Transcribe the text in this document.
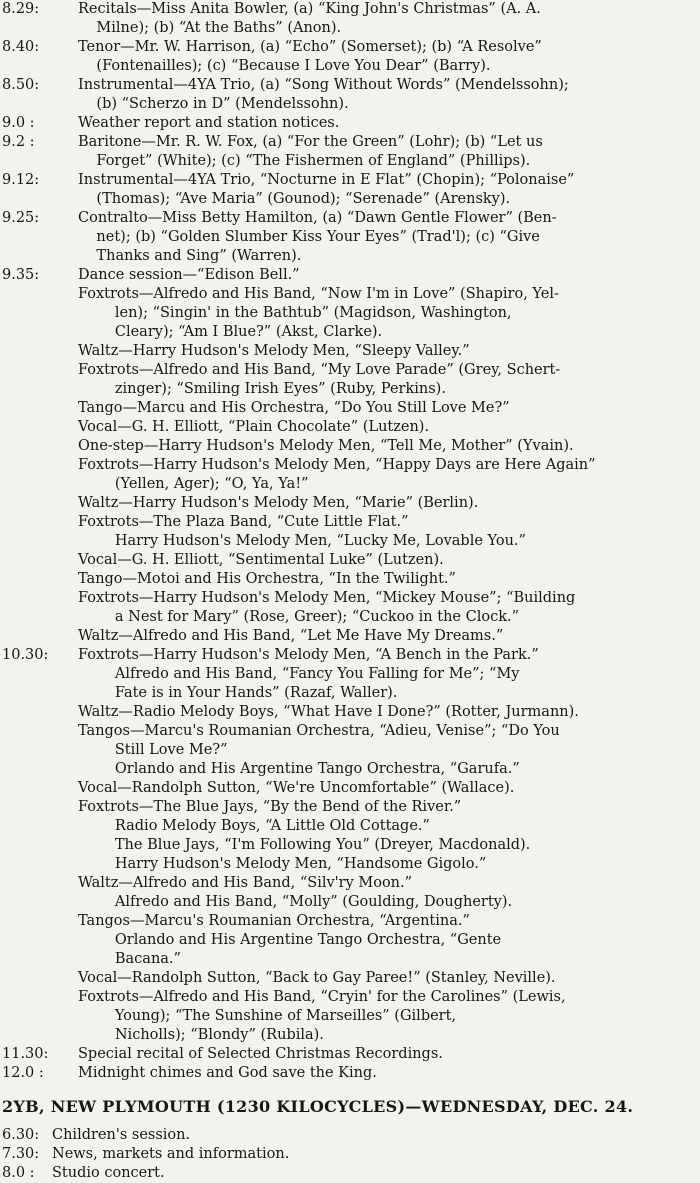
8.29:	Recitals—Miss Anita Bowler, (a) “King John's Christmas” (A. A.
Milne); (b) “At the Baths” (Anon).
8.40:	Tenor—Mr. W. Harrison, (a) “Echo” (Somerset); (b) “A Resolve”
(Fontenailles); (c) “Because I Love You Dear” (Barry).
8.50:	Instrumental—4YA Trio, (a) “Song Without Words” (Mendelssohn);
(b) “Scherzo in D” (Mendelssohn).
9.0 :	Weather report and station notices.
9.2 :	Baritone—Mr. R. W. Fox, (a) “For the Green” (Lohr); (b) “Let us
Forget” (White); (c) “The Fishermen of England” (Phillips).
9.12:	Instrumental—4YA Trio, “Nocturne in E Flat” (Chopin); “Polonaise”
(Thomas); “Ave Maria” (Gounod); “Serenade” (Arensky).
9.25:	Contralto—Miss Betty Hamilton, (a) “Dawn Gentle Flower” (Ben-
net); (b) “Golden Slumber Kiss Your Eyes” (Trad'l); (c) “Give
Thanks and Sing” (Warren).
9.35:	Dance session—“Edison Bell.”
Foxtrots—Alfredo and His Band, “Now I'm in Love” (Shapiro, Yel-
len); “Singin' in the Bathtub” (Magidson, Washington,
Cleary); “Am I Blue?” (Akst, Clarke).
Waltz—Harry Hudson's Melody Men, “Sleepy Valley.”
Foxtrots—Alfredo and His Band, “My Love Parade” (Grey, Schert-
zinger); “Smiling Irish Eyes” (Ruby, Perkins).
Tango—Marcu and His Orchestra, “Do You Still Love Me?”
Vocal—G. H. Elliott, “Plain Chocolate” (Lutzen).
One-step—Harry Hudson's Melody Men, “Tell Me, Mother” (Yvain).
Foxtrots—Harry Hudson's Melody Men, “Happy Days are Here Again”
(Yellen, Ager); “O, Ya, Ya!”
Waltz—Harry Hudson's Melody Men, “Marie” (Berlin).
Foxtrots—The Plaza Band, “Cute Little Flat.”
Harry Hudson's Melody Men, “Lucky Me, Lovable You.”
Vocal—G. H. Elliott, “Sentimental Luke” (Lutzen).
Tango—Motoi and His Orchestra, “In the Twilight.”
Foxtrots—Harry Hudson's Melody Men, “Mickey Mouse”; “Building
a Nest for Mary” (Rose, Greer); “Cuckoo in the Clock.”
Waltz—Alfredo and His Band, “Let Me Have My Dreams.”
10.30:	Foxtrots—Harry Hudson's Melody Men, “A Bench in the Park.”
Alfredo and His Band, “Fancy You Falling for Me”; “My
Fate is in Your Hands” (Razaf, Waller).
Waltz—Radio Melody Boys, “What Have I Done?” (Rotter, Jurmann).
Tangos—Marcu's Roumanian Orchestra, “Adieu, Venise”; “Do You
Still Love Me?”
Orlando and His Argentine Tango Orchestra, “Garufa.”
Vocal—Randolph Sutton, “We're Uncomfortable” (Wallace).
Foxtrots—The Blue Jays, “By the Bend of the River.”
Radio Melody Boys, “A Little Old Cottage.”
The Blue Jays, “I'm Following You” (Dreyer, Macdonald).
Harry Hudson's Melody Men, “Handsome Gigolo.”
Waltz—Alfredo and His Band, “Silv'ry Moon.”
Alfredo and His Band, “Molly” (Goulding, Dougherty).
Tangos—Marcu's Roumanian Orchestra, “Argentina.”
Orlando and His Argentine Tango Orchestra, “Gente
Bacana.”
Vocal—Randolph Sutton, “Back to Gay Paree!” (Stanley, Neville).
Foxtrots—Alfredo and His Band, “Cryin' for the Carolines” (Lewis,
Young); “The Sunshine of Marseilles” (Gilbert,
Nicholls); “Blondy” (Rubila).
11.30:	Special recital of Selected Christmas Recordings.
12.0 :	Midnight chimes and God save the King.
2YB, NEW PLYMOUTH (1230 KILOCYCLES)—WEDNESDAY, DEC. 24.
6.30: Children's session.
7.30: News, markets and information.
8.0 :	Studio concert.
